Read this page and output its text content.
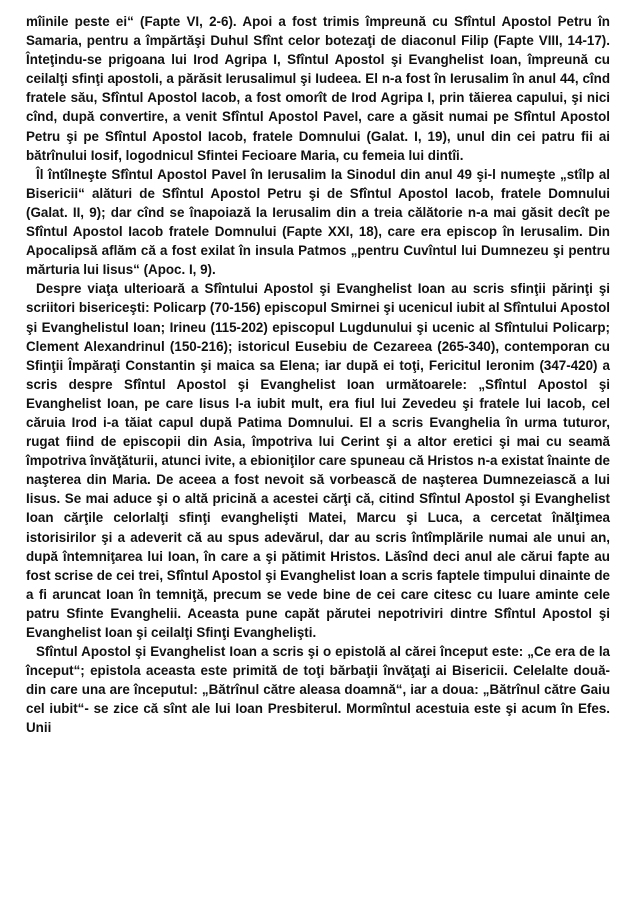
mîinile peste ei“ (Fapte VI, 2-6). Apoi a fost trimis împreună cu Sfîntul Apostol Petru în Samaria, pentru a împărtăşi Duhul Sfînt celor botezaţi de diaconul Filip (Fapte VIII, 14-17). Înteţindu-se prigoana lui Irod Agripa I, Sfîntul Apostol şi Evanghelist Ioan, împreună cu ceilalţi sfinţi apostoli, a părăsit Ierusalimul şi Iudeea. El n-a fost în Ierusalim în anul 44, cînd fratele său, Sfîntul Apostol Iacob, a fost omorît de Irod Agripa I, prin tăierea capului, şi nici cînd, după convertire, a venit Sfîntul Apostol Pavel, care a găsit numai pe Sfîntul Apostol Petru şi pe Sfîntul Apostol Iacob, fratele Domnului (Galat. I, 19), unul din cei patru fii ai bătrînului Iosif, logodnicul Sfintei Fecioare Maria, cu femeia lui dintîi.

Îl întîlneşte Sfîntul Apostol Pavel în Ierusalim la Sinodul din anul 49 şi-l numeşte „stîlp al Bisericii“ alături de Sfîntul Apostol Petru şi de Sfîntul Apostol Iacob, fratele Domnului (Galat. II, 9); dar cînd se înapoiază la Ierusalim din a treia călătorie n-a mai găsit decît pe Sfîntul Apostol Iacob fratele Domnului (Fapte XXI, 18), care era episcop în Ierusalim. Din Apocalipsă aflăm că a fost exilat în insula Patmos „pentru Cuvîntul lui Dumnezeu şi pentru mărturia lui Iisus“ (Apoc. I, 9).

Despre viaţa ulterioară a Sfîntului Apostol şi Evanghelist Ioan au scris sfinţii părinţi şi scriitori bisericeşti: Policarp (70-156) episcopul Smirnei şi ucenicul iubit al Sfîntului Apostol şi Evanghelistul Ioan; Irineu (115-202) episcopul Lugdunului şi ucenic al Sfîntului Policarp; Clement Alexandrinul (150-216); istoricul Eusebiu de Cezareea (265-340), contemporan cu Sfinţii Împăraţi Constantin şi maica sa Elena; iar după ei toţi, Fericitul Ieronim (347-420) a scris despre Sfîntul Apostol şi Evanghelist Ioan următoarele: „Sfîntul Apostol şi Evanghelist Ioan, pe care Iisus l-a iubit mult, era fiul lui Zevedeu şi fratele lui Iacob, cel căruia Irod i-a tăiat capul după Patima Domnului. El a scris Evanghelia în urma tuturor, rugat fiind de episcopii din Asia, împotriva lui Cerint şi a altor eretici şi mai cu seamă împotriva învăţăturii, atunci ivite, a ebioniţilor care spuneau că Hristos n-a existat înainte de naşterea din Maria. De aceea a fost nevoit să vorbească de naşterea Dumnezeiască a lui Iisus. Se mai aduce şi o altă pricină a acestei cărţi că, citind Sfîntul Apostol şi Evanghelist Ioan cărţile celorlalţi sfinţi evanghelişti Matei, Marcu şi Luca, a cercetat înălţimea istorisirilor şi a adeverit că au spus adevărul, dar au scris întîmplările numai ale unui an, după întemniţarea lui Ioan, în care a şi pătimit Hristos. Lăsînd deci anul ale cărui fapte au fost scrise de cei trei, Sfîntul Apostol şi Evanghelist Ioan a scris faptele timpului dinainte de a fi aruncat Ioan în temniţă, precum se vede bine de cei care citesc cu luare aminte cele patru Sfinte Evanghelii. Aceasta pune capăt părutei nepotriviri dintre Sfîntul Apostol şi Evanghelist Ioan şi ceilalţi Sfinţi Evanghelişti.

Sfîntul Apostol şi Evanghelist Ioan a scris şi o epistolă al cărei început este: „Ce era de la început“; epistola aceasta este primită de toţi bărbaţii învăţaţi ai Bisericii. Celelalte două- din care una are începutul: „Bătrînul către aleasa doamnă“, iar a doua: „Bătrînul către Gaiu cel iubit“- se zice că sînt ale lui Ioan Presbiterul. Mormîntul acestuia este şi acum în Efes. Unii
